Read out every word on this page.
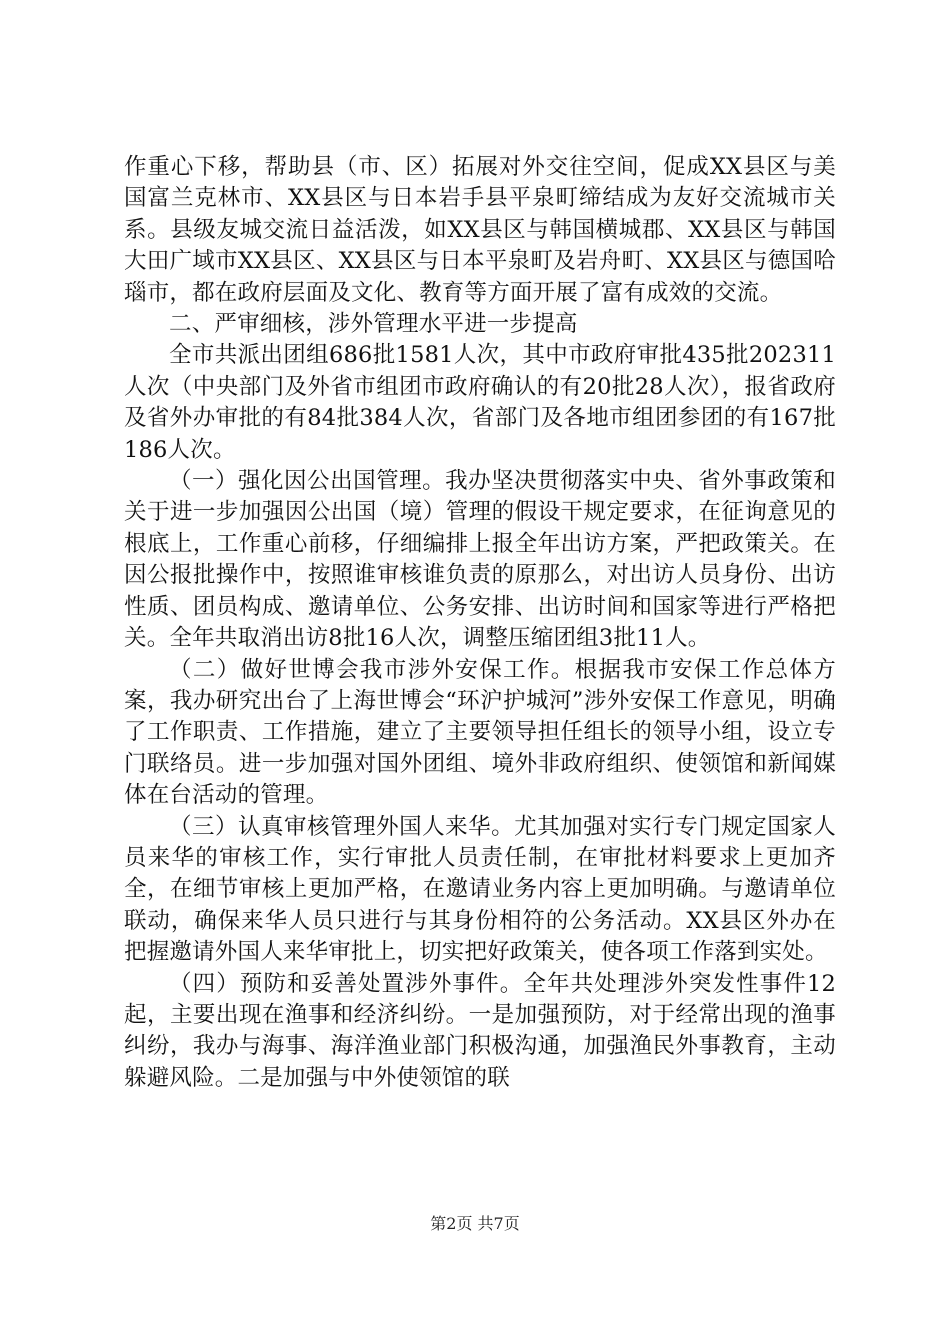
作重心下移，帮助县（市、区）拓展对外交往空间，促成XX县区与美国富兰克林市、XX县区与日本岩手县平泉町缔结成为友好交流城市关系。县级友城交流日益活泼，如XX县区与韩国横城郡、XX县区与韩国大田广域市XX县区、XX县区与日本平泉町及岩舟町、XX县区与德国哈瑙市，都在政府层面及文化、教育等方面开展了富有成效的交流。

二、严审细核，涉外管理水平进一步提高

全市共派出团组686批1581人次，其中市政府审批435批202311人次（中央部门及外省市组团市政府确认的有20批28人次），报省政府及省外办审批的有84批384人次，省部门及各地市组团参团的有167批186人次。

（一）强化因公出国管理。我办坚决贯彻落实中央、省外事政策和关于进一步加强因公出国（境）管理的假设干规定要求，在征询意见的根底上，工作重心前移，仔细编排上报全年出访方案，严把政策关。在因公报批操作中，按照谁审核谁负责的原那么，对出访人员身份、出访性质、团员构成、邀请单位、公务安排、出访时间和国家等进行严格把关。全年共取消出访8批16人次，调整压缩团组3批11人。

（二）做好世博会我市涉外安保工作。根据我市安保工作总体方案，我办研究出台了上海世博会“环沪护城河”涉外安保工作意见，明确了工作职责、工作措施，建立了主要领导担任组长的领导小组，设立专门联络员。进一步加强对国外团组、境外非政府组织、使领馆和新闻媒体在台活动的管理。

（三）认真审核管理外国人来华。尤其加强对实行专门规定国家人员来华的审核工作，实行审批人员责任制，在审批材料要求上更加齐全，在细节审核上更加严格，在邀请业务内容上更加明确。与邀请单位联动，确保来华人员只进行与其身份相符的公务活动。XX县区外办在把握邀请外国人来华审批上，切实把好政策关，使各项工作落到实处。

（四）预防和妥善处置涉外事件。全年共处理涉外突发性事件12起，主要出现在渔事和经济纠纷。一是加强预防，对于经常出现的渔事纠纷，我办与海事、海洋渔业部门积极沟通，加强渔民外事教育，主动躲避风险。二是加强与中外使领馆的联

第2页 共7页
